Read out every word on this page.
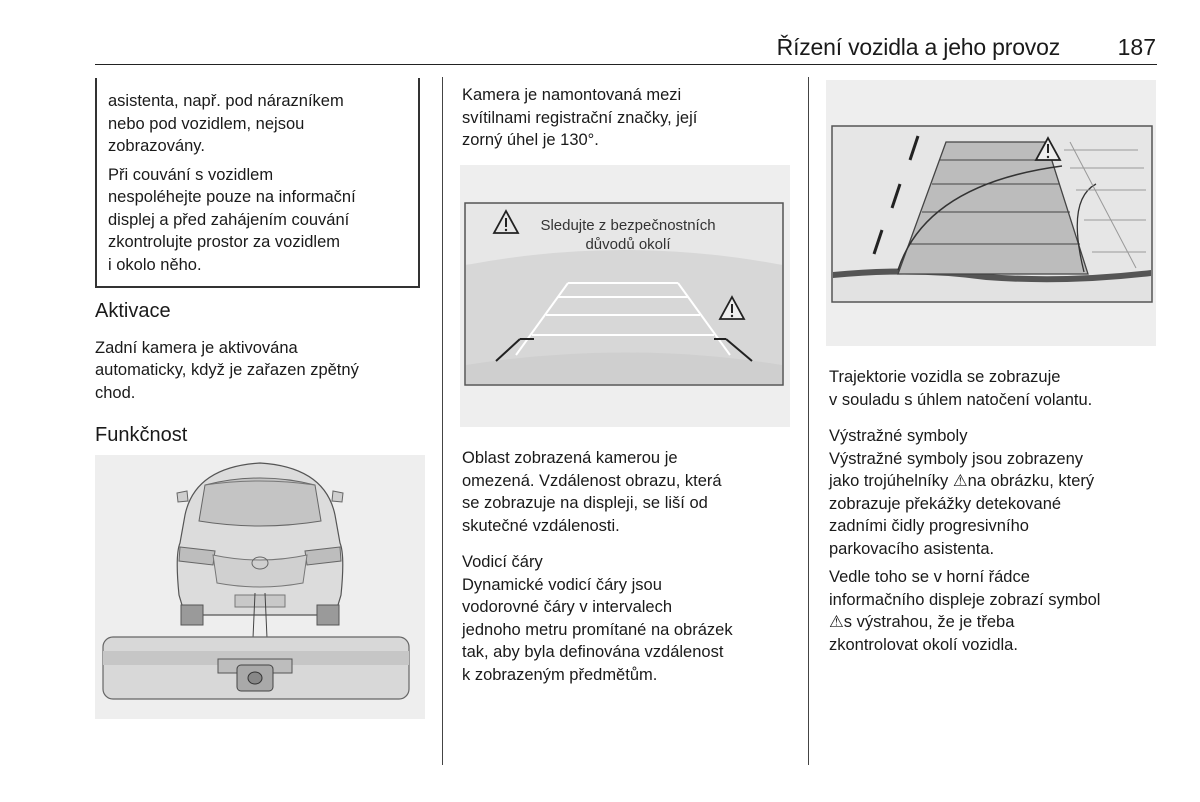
Řízení vozidla a jeho provoz	187

asistenta, např. pod nárazníkem
nebo pod vozidlem, nejsou
zobrazovány.

Při couvání s vozidlem
nespoléhejte pouze na informační
displej a před zahájením couvání
zkontrolujte prostor za vozidlem
i okolo něho.

Aktivace

Zadní kamera je aktivována
automaticky, když je zařazen zpětný
chod.

Funkčnost

Kamera je namontovaná mezi
svítilnami registrační značky, její
zorný úhel je 130°.

Sledujte z bezpečnostních
důvodů okolí

Oblast zobrazená kamerou je
omezená. Vzdálenost obrazu, která
se zobrazuje na displeji, se liší od
skutečné vzdálenosti.

Vodicí čáry

Dynamické vodicí čáry jsou
vodorovné čáry v intervalech
jednoho metru promítané na obrázek
tak, aby byla definována vzdálenost
k zobrazeným předmětům.

Trajektorie vozidla se zobrazuje
v souladu s úhlem natočení volantu.

Výstražné symboly

Výstražné symboly jsou zobrazeny
jako trojúhelníky ⚠na obrázku, který
zobrazuje překážky detekované
zadními čidly progresivního
parkovacího asistenta.

Vedle toho se v horní řádce
informačního displeje zobrazí symbol
⚠s výstrahou, že je třeba
zkontrolovat okolí vozidla.
